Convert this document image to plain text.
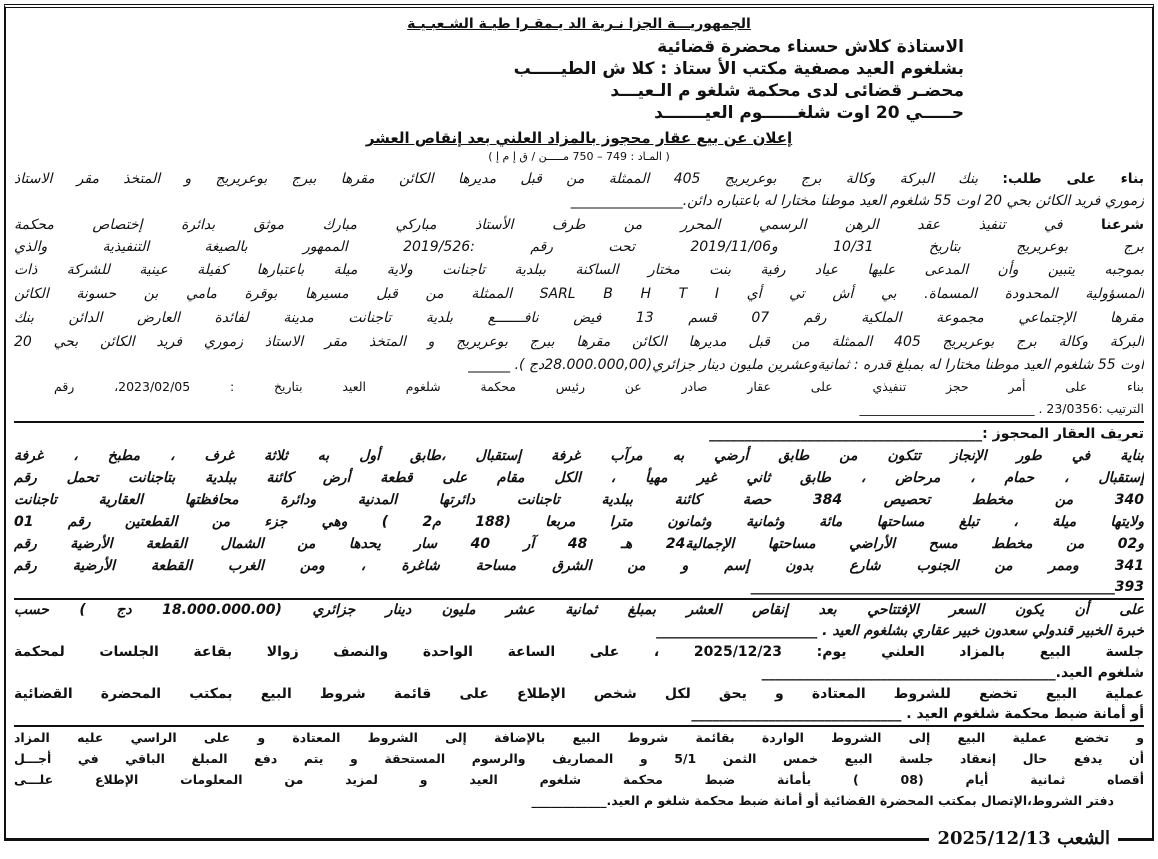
الجمهوريـــة الجزا نـرية الد يـمقـرا طيـة الشـعبـيـة
الاستاذة كلاش حسناء محضرة قضائية
بشلغوم العيد مصفية مكتب الأ ستاذ : كلا ش الطيـــــب
محضـر قضائى لدى محكمة شلغو م الـعيـــد
حـــــي 20 اوت شلغــــــوم العيـــــــد
إعلان عن بيع عقار محجوز بالمزاد العلني بعد إنقاص العشر
( المـاد : 749 – 750 مـــــن / ق إ م إ )
بناء على طلب: بنك البركة وكالة برج بوعريريج 405 الممثلة من قبل مديرها الكائن مقرها ببرج بوعريريج و المتخذ مقر الاستاذ
زموري فريد الكائن بحي 20 اوت 55 شلغوم العيد موطنا مختارا له باعتباره دائن.________________
شرعنا في تنفيذ عقد الرهن الرسمي المحرر من طرف الأستاذ مباركي مبارك موثق بدائرة إختصاص محكمة
برج بوعريريج بتاريخ 10/31 و2019/11/06 تحت رقم :2019/526 الممهور بالصيغة التنفيذية والذي
بموجبه يتبين وأن المدعى عليها عياد رفية بنت مختار الساكنة ببلدية تاجنانت ولاية ميلة باعتبارها كفيلة عينية للشركة ذات
المسؤولية المحدودة المسماة. بي أش تي أي SARL B H T I الممثلة من قبل مسيرها بوقرة مامي بن حسونة الكائن
مقرها الإجتماعي مجموعة الملكية رقم 07 قسم 13 فيض نافـــــــع بلدية تاجنانت مدينة لفائدة العارض الدائن بنك
البركة وكالة برج بوعريريج 405 الممثلة من قبل مديرها الكائن مقرها ببرج بوعريريج و المتخذ مقر الاستاذ زموري فريد الكائن بحي 20
اوت 55 شلغوم العيد موطنا مختارا له بمبلغ قدره : ثمانيةوعشرين مليون دينار جزائري(28.000.000,00دج ). ______
بناء على أمر حجز تنفيذي على عقار صادر عن رئيس محكمة شلغوم العيد بتاريخ : 2023/02/05، رقم
الترتيب :23/0356 . ____________________________
تعريف العقار المحجوز :_______________________________________
بناية في طور الإنجاز تتكون من طابق أرضي به مرآب غرفة إستقبال ،طابق أول به ثلاثة غرف ، مطبخ ، غرفة
إستقبال ، حمام ، مرحاض ، طابق ثاني غير مهيأ ، الكل مقام على قطعة أرض كائنة ببلدية بتاجنانت تحمل رقم
340 من مخطط تحصيص 384 حصة كائنة ببلدية تاجنانت دائرتها المدنية ودائرة محافظتها العقارية تاجنانت
ولايتها ميلة ، تبلغ مساحتها مائة وثمانية وثمانون مترا مربعا (188 م2 ) وهي جزء من القطعتين رقم 01
و02 من مخطط مسح الأراضي مساحتها الإجمالية24 هـ 48 آر 40 سار يحدها من الشمال القطعة الأرضية رقم
341 وممر من الجنوب شارع بدون إسم و من الشرق مساحة شاغرة ، ومن الغرب القطعة الأرضية رقم
393____________________________________________________
على أن يكون السعر الإفتتاحي بعد إنقاص العشر بمبلغ ثمانية عشر مليون دينار جزائري (18.000.000.00 دج ) حسب
خبرة الخبير قندولي سعدون خبير عقاري بشلغوم العيد . _______________________
جلسة البيع بالمزاد العلني يوم: 2025/12/23 ، على الساعة الواحدة والنصف زوالا بقاعة الجلسات لمحكمة
شلغوم العيد.__________________________________________
عملية البيع تخضع للشروط المعتادة و يحق لكل شخص الإطلاع على قائمة شروط البيع بمكتب المحضرة القضائية
أو أمانة ضبط محكمة شلغوم العيد . ______________________________
و تخضع عملية البيع إلى الشروط الواردة بقائمة شروط البيع بالإضافة إلى الشروط المعتادة و على الراسي عليه المزاد
أن يدفع حال إنعقاد جلسة البيع خمس الثمن 5/1 و المصاريف والرسوم المستحقة و يتم دفع المبلغ الباقي في أجـــل
أقصاه ثمانية أيام (08 ) بأمانة ضبط محكمة شلغوم العيد و لمزيد من المعلومات الإطلاع علـــى
دفتر الشروط،الإتصال بمكتب المحضرة القضائية أو أمانة ضبط محكمة شلغو م العيد.____________
الشعب 2025/12/13
